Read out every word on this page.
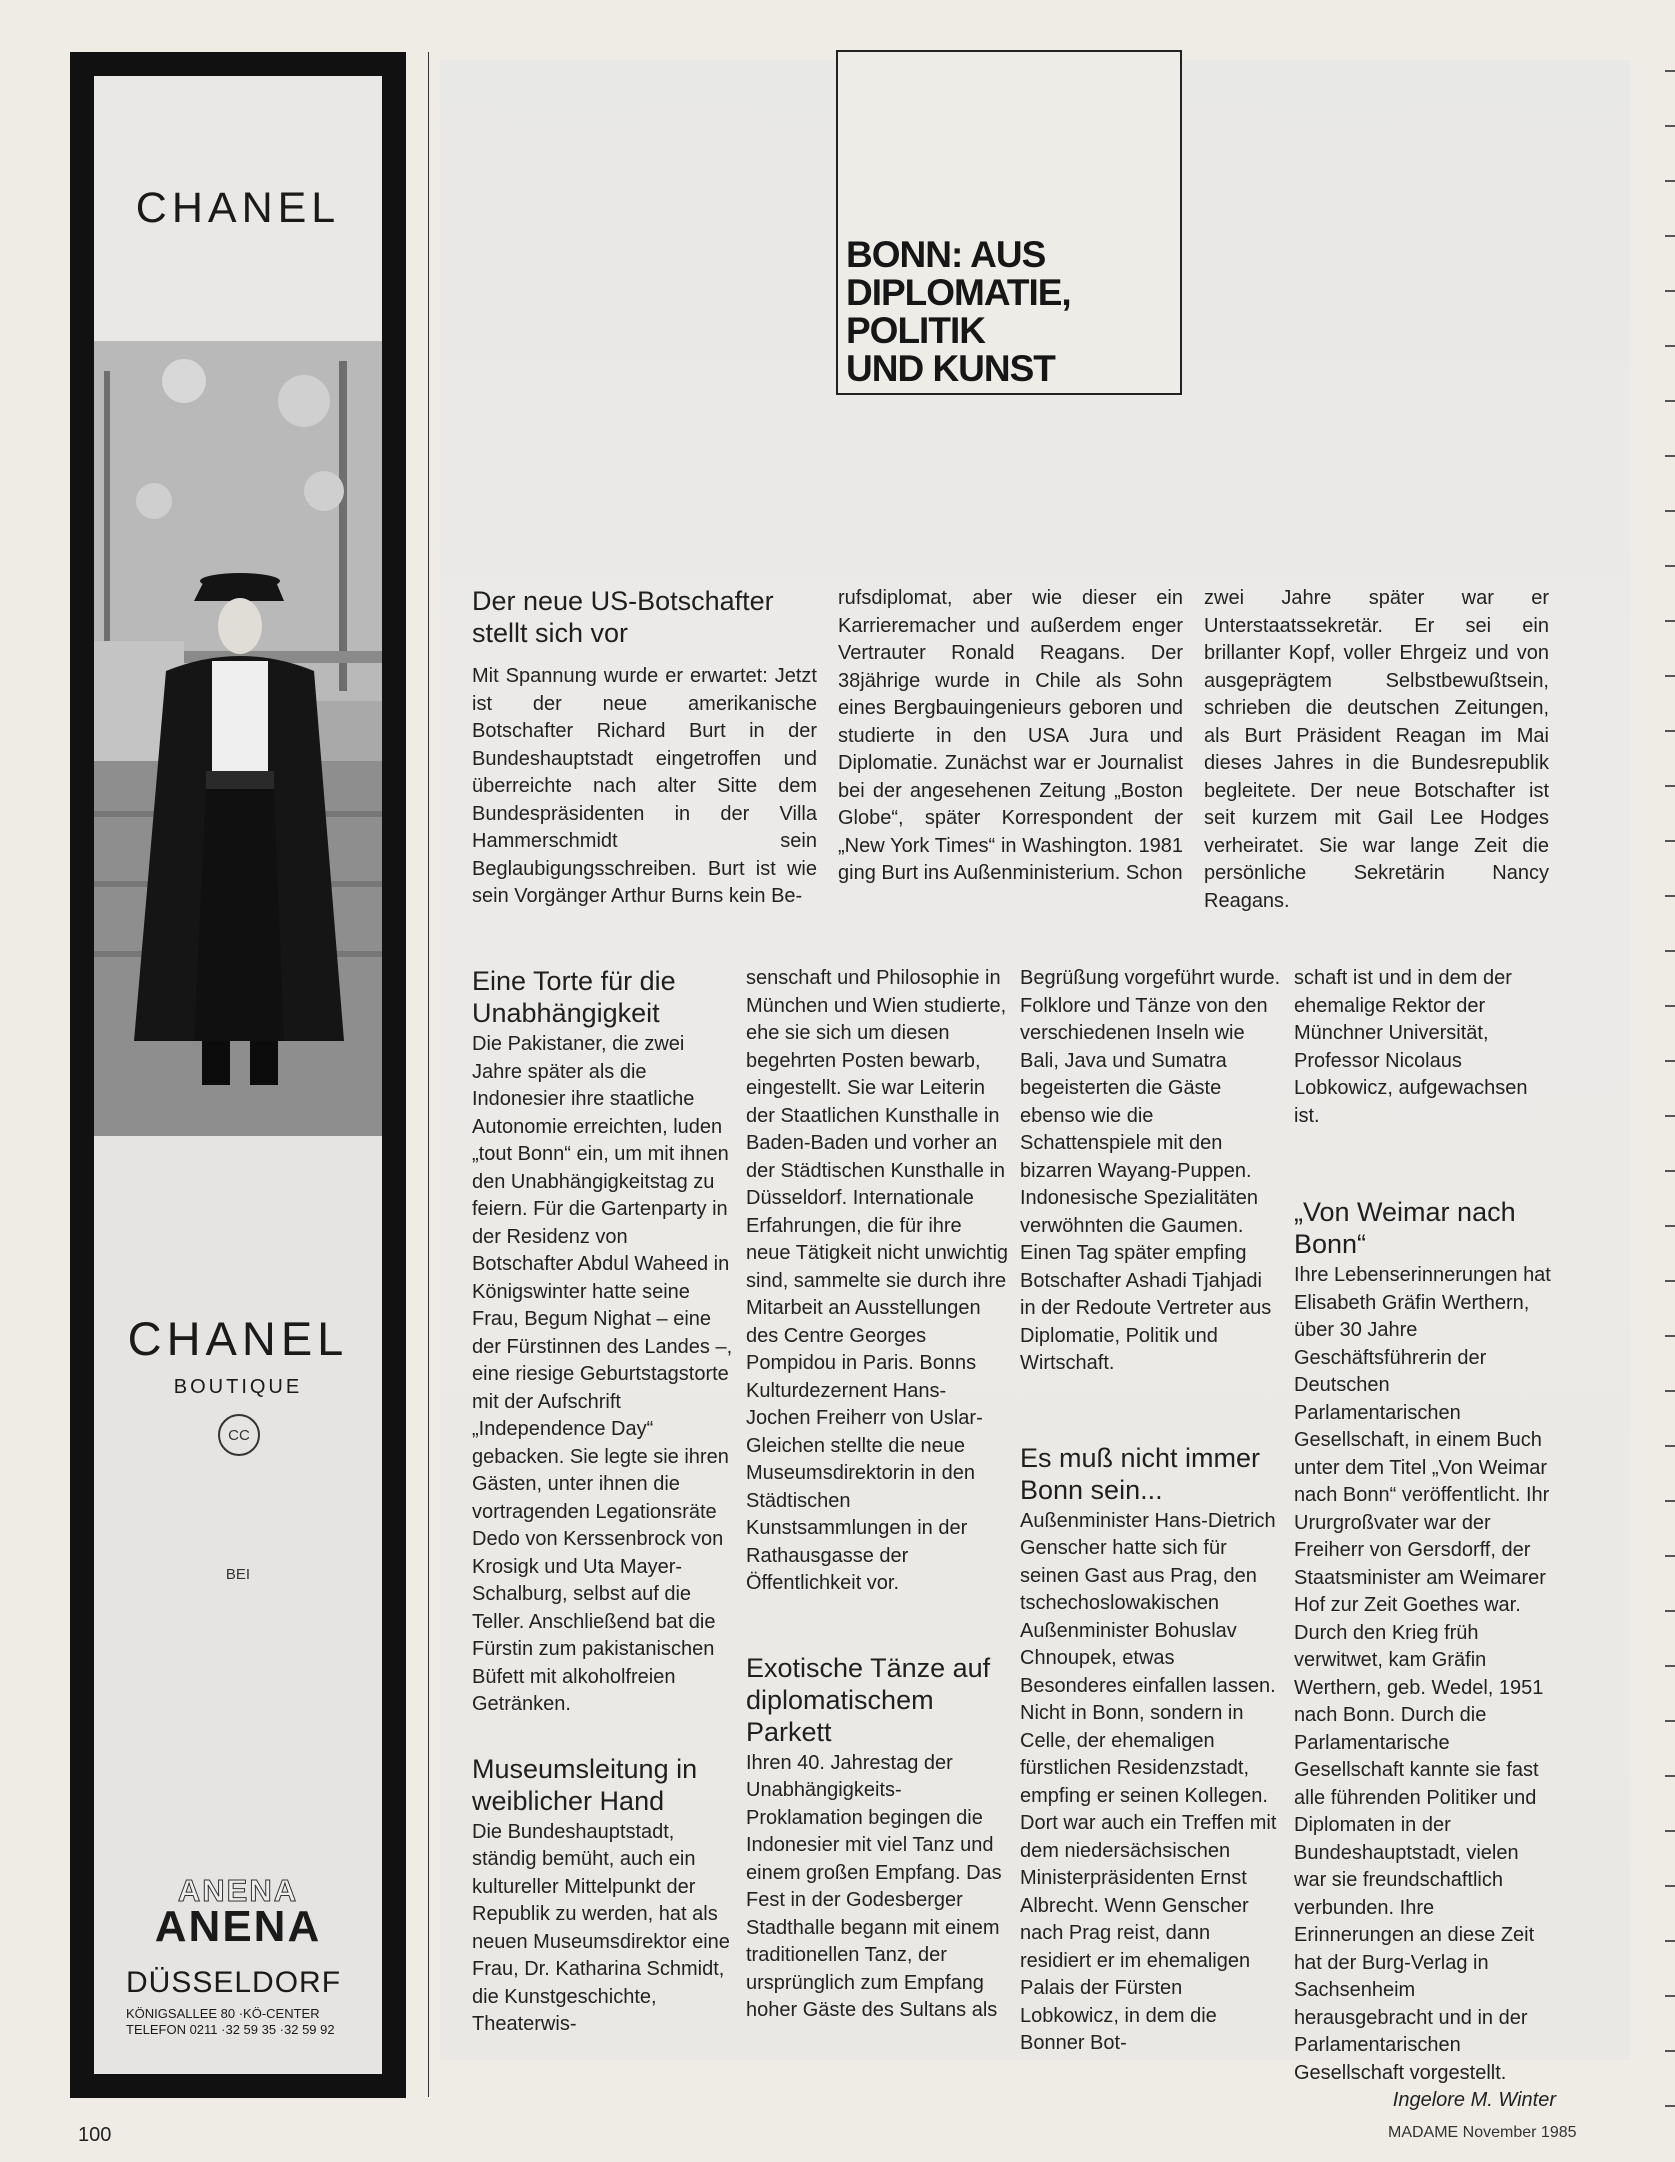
CHANEL
CHANEL
BOUTIQUE
CC
BEI
ANENA
ANENA
DÜSSELDORF
KÖNIGSALLEE 80 ·KÖ-CENTER
TELEFON 0211 ·32 59 35 ·32 59 92
BONN: AUS
DIPLOMATIE,
POLITIK
UND KUNST
Der neue US-Botschafter stellt sich vor

Mit Spannung wurde er erwartet: Jetzt ist der neue amerikanische Botschafter Richard Burt in der Bundeshauptstadt eingetroffen und überreichte nach alter Sitte dem Bundespräsidenten in der Villa Hammerschmidt sein Beglaubigungsschreiben. Burt ist wie sein Vorgänger Arthur Burns kein Be-

rufsdiplomat, aber wie dieser ein Karrieremacher und außerdem enger Vertrauter Ronald Reagans. Der 38jährige wurde in Chile als Sohn eines Bergbauingenieurs geboren und studierte in den USA Jura und Diplomatie. Zunächst war er Journalist bei der angesehenen Zeitung „Boston Globe“, später Korrespondent der „New York Times“ in Washington. 1981 ging Burt ins Außenministerium. Schon

zwei Jahre später war er Unterstaatssekretär. Er sei ein brillanter Kopf, voller Ehrgeiz und von ausgeprägtem Selbstbewußtsein, schrieben die deutschen Zeitungen, als Burt Präsident Reagan im Mai dieses Jahres in die Bundesrepublik begleitete. Der neue Botschafter ist seit kurzem mit Gail Lee Hodges verheiratet. Sie war lange Zeit die persönliche Sekretärin Nancy Reagans.

Eine Torte für die Unabhängigkeit

Die Pakistaner, die zwei Jahre später als die Indonesier ihre staatliche Autonomie erreichten, luden „tout Bonn“ ein, um mit ihnen den Unabhängigkeitstag zu feiern. Für die Gartenparty in der Residenz von Botschafter Abdul Waheed in Königswinter hatte seine Frau, Begum Nighat – eine der Fürstinnen des Landes –, eine riesige Geburtstagstorte mit der Aufschrift „Independence Day“ gebacken. Sie legte sie ihren Gästen, unter ihnen die vortragenden Legationsräte Dedo von Kerssenbrock von Krosigk und Uta Mayer-Schalburg, selbst auf die Teller. Anschließend bat die Fürstin zum pakistanischen Büfett mit alkoholfreien Getränken.

Museumsleitung in weiblicher Hand

Die Bundeshauptstadt, ständig bemüht, auch ein kultureller Mittelpunkt der Republik zu werden, hat als neuen Museumsdirektor eine Frau, Dr. Katharina Schmidt, die Kunstgeschichte, Theaterwis-

senschaft und Philosophie in München und Wien studierte, ehe sie sich um diesen begehrten Posten bewarb, eingestellt. Sie war Leiterin der Staatlichen Kunsthalle in Baden-Baden und vorher an der Städtischen Kunsthalle in Düsseldorf. Internationale Erfahrungen, die für ihre neue Tätigkeit nicht unwichtig sind, sammelte sie durch ihre Mitarbeit an Ausstellungen des Centre Georges Pompidou in Paris. Bonns Kulturdezernent Hans-Jochen Freiherr von Uslar-Gleichen stellte die neue Museumsdirektorin in den Städtischen Kunstsammlungen in der Rathausgasse der Öffentlichkeit vor.

Exotische Tänze auf diplomatischem Parkett

Ihren 40. Jahrestag der Unabhängigkeits-Proklamation begingen die Indonesier mit viel Tanz und einem großen Empfang. Das Fest in der Godesberger Stadthalle begann mit einem traditionellen Tanz, der ursprünglich zum Empfang hoher Gäste des Sultans als

Begrüßung vorgeführt wurde. Folklore und Tänze von den verschiedenen Inseln wie Bali, Java und Sumatra begeisterten die Gäste ebenso wie die Schattenspiele mit den bizarren Wayang-Puppen. Indonesische Spezialitäten verwöhnten die Gaumen. Einen Tag später empfing Botschafter Ashadi Tjahjadi in der Redoute Vertreter aus Diplomatie, Politik und Wirtschaft.

Es muß nicht immer Bonn sein...

Außenminister Hans-Dietrich Genscher hatte sich für seinen Gast aus Prag, den tschechoslowakischen Außenminister Bohuslav Chnoupek, etwas Besonderes einfallen lassen. Nicht in Bonn, sondern in Celle, der ehemaligen fürstlichen Residenzstadt, empfing er seinen Kollegen. Dort war auch ein Treffen mit dem niedersächsischen Ministerpräsidenten Ernst Albrecht. Wenn Genscher nach Prag reist, dann residiert er im ehemaligen Palais der Fürsten Lobkowicz, in dem die Bonner Bot-

schaft ist und in dem der ehemalige Rektor der Münchner Universität, Professor Nicolaus Lobkowicz, aufgewachsen ist.

„Von Weimar nach Bonn“

Ihre Lebenserinnerungen hat Elisabeth Gräfin Werthern, über 30 Jahre Geschäftsführerin der Deutschen Parlamentarischen Gesellschaft, in einem Buch unter dem Titel „Von Weimar nach Bonn“ veröffentlicht. Ihr Ururgroßvater war der Freiherr von Gersdorff, der Staatsminister am Weimarer Hof zur Zeit Goethes war. Durch den Krieg früh verwitwet, kam Gräfin Werthern, geb. Wedel, 1951 nach Bonn. Durch die Parlamentarische Gesellschaft kannte sie fast alle führenden Politiker und Diplomaten in der Bundeshauptstadt, vielen war sie freundschaftlich verbunden. Ihre Erinnerungen an diese Zeit hat der Burg-Verlag in Sachsenheim herausgebracht und in der Parlamentarischen Gesellschaft vorgestellt.

Ingelore M. Winter

100	MADAME November 1985
